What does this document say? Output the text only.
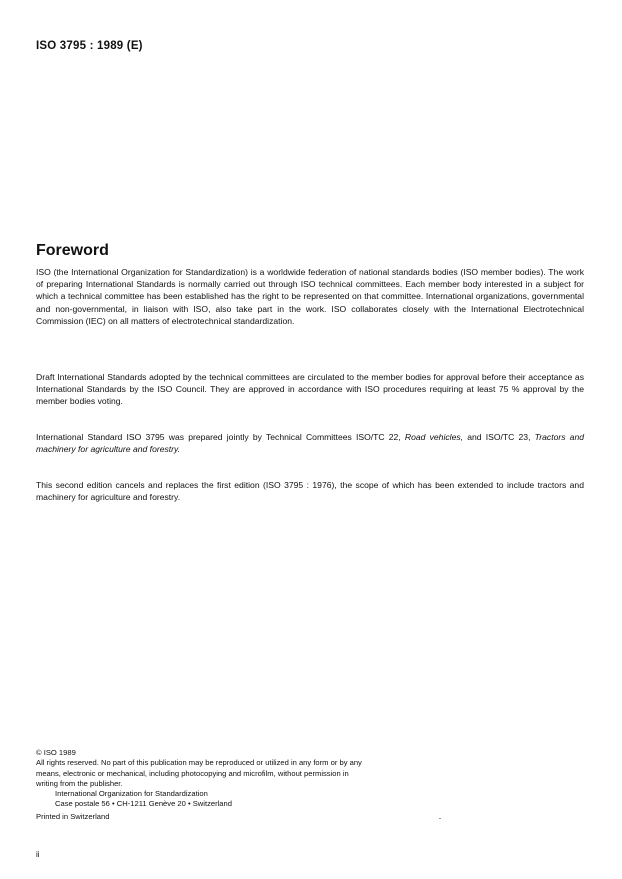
ISO 3795 : 1989 (E)
Foreword

ISO (the International Organization for Standardization) is a worldwide federation of national standards bodies (ISO member bodies). The work of preparing International Standards is normally carried out through ISO technical committees. Each member body interested in a subject for which a technical committee has been established has the right to be represented on that committee. International organizations, governmental and non-governmental, in liaison with ISO, also take part in the work. ISO collaborates closely with the International Electrotechnical Commission (IEC) on all matters of electrotechnical standardization.

Draft International Standards adopted by the technical committees are circulated to the member bodies for approval before their acceptance as International Standards by the ISO Council. They are approved in accordance with ISO procedures requiring at least 75 % approval by the member bodies voting.

International Standard ISO 3795 was prepared jointly by Technical Committees ISO/TC 22, Road vehicles, and ISO/TC 23, Tractors and machinery for agriculture and forestry.

This second edition cancels and replaces the first edition (ISO 3795 : 1976), the scope of which has been extended to include tractors and machinery for agriculture and forestry.

© ISO 1989
All rights reserved. No part of this publication may be reproduced or utilized in any form or by any
means, electronic or mechanical, including photocopying and microfilm, without permission in
writing from the publisher.
International Organization for Standardization
Case postale 56 • CH-1211 Genève 20 • Switzerland
Printed in Switzerland
ii
